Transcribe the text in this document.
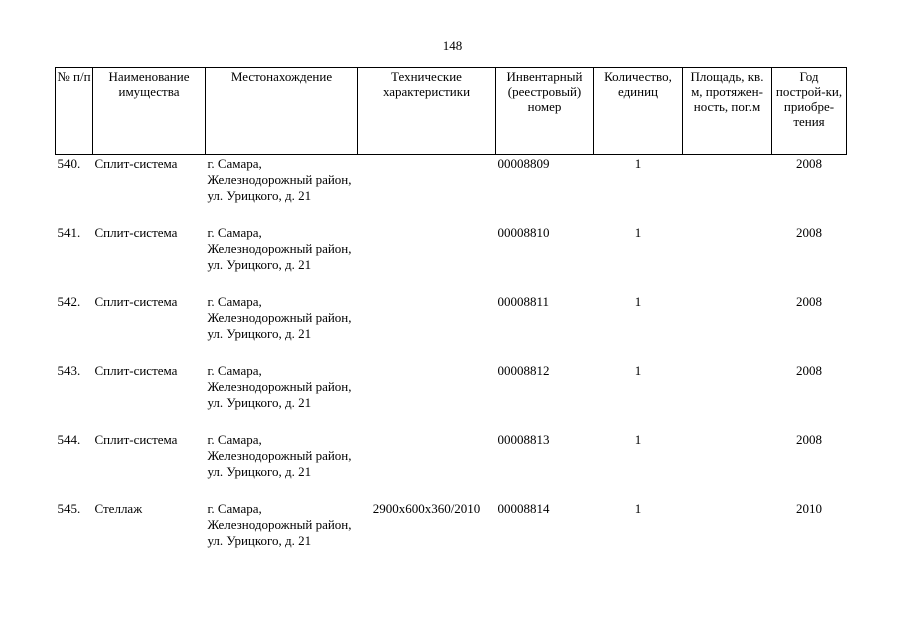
148
№ п/п	Наименование имущества	Местонахождение	Технические характеристики	Инвентарный (реестровый) номер	Количество, единиц	Площадь, кв. м, протяжен-ность, пог.м	Год построй-ки, приобре-тения
540.	Сплит-система	г. Самара, Железнодорожный район, ул. Урицкого, д. 21		00008809	1		2008
541.	Сплит-система	г. Самара, Железнодорожный район, ул. Урицкого, д. 21		00008810	1		2008
542.	Сплит-система	г. Самара, Железнодорожный район, ул. Урицкого, д. 21		00008811	1		2008
543.	Сплит-система	г. Самара, Железнодорожный район, ул. Урицкого, д. 21		00008812	1		2008
544.	Сплит-система	г. Самара, Железнодорожный район, ул. Урицкого, д. 21		00008813	1		2008
545.	Стеллаж	г. Самара, Железнодорожный район, ул. Урицкого, д. 21	2900x600x360/2010	00008814	1		2010
